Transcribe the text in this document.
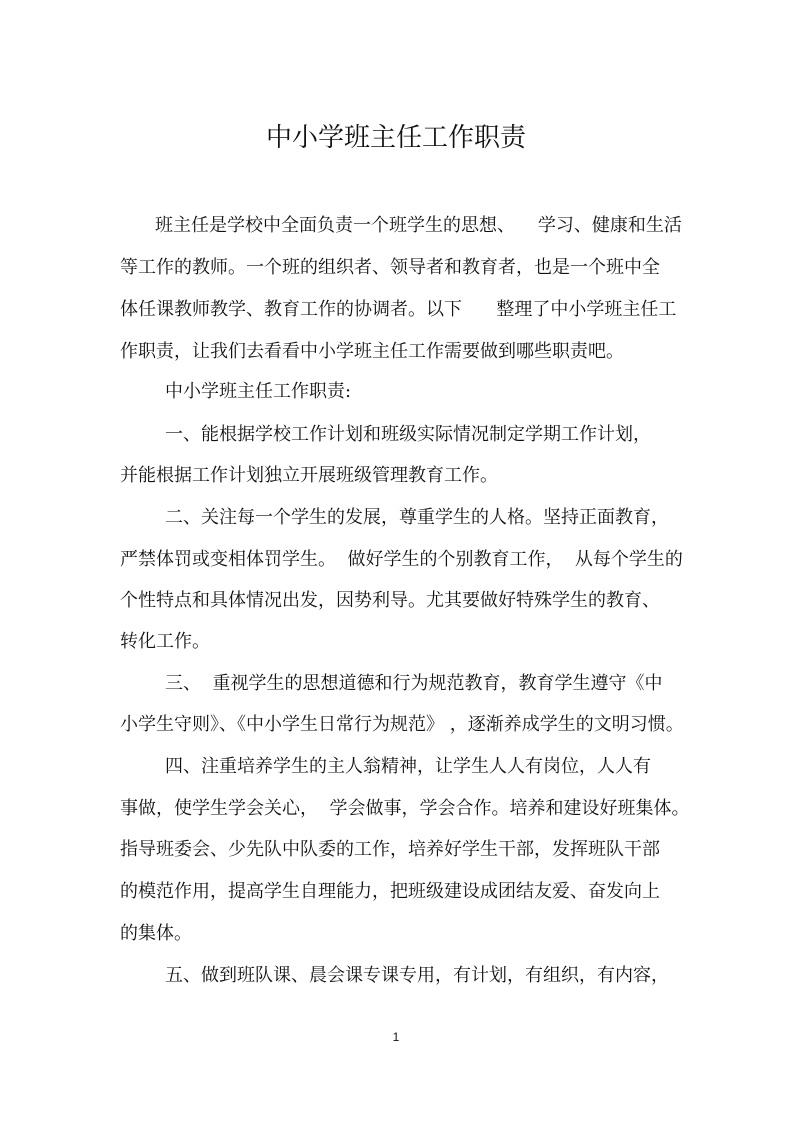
中小学班主任工作职责
班主任是学校中全面负责一个班学生的思想、    学习、健康和生活
等工作的教师。一个班的组织者、领导者和教育者，也是一个班中全
体任课教师教学、教育工作的协调者。以下      整理了中小学班主任工
作职责，让我们去看看中小学班主任工作需要做到哪些职责吧。
中小学班主任工作职责:
一、能根据学校工作计划和班级实际情况制定学期工作计划，
并能根据工作计划独立开展班级管理教育工作。
二、关注每一个学生的发展，尊重学生的人格。坚持正面教育，
严禁体罚或变相体罚学生。  做好学生的个别教育工作，  从每个学生的
个性特点和具体情况出发，因势利导。尤其要做好特殊学生的教育、
转化工作。
三、  重视学生的思想道德和行为规范教育，教育学生遵守《中
小学生守则》、《中小学生日常行为规范》 ，逐渐养成学生的文明习惯。
四、注重培养学生的主人翁精神，让学生人人有岗位，人人有
事做，使学生学会关心，  学会做事，学会合作。培养和建设好班集体。
指导班委会、少先队中队委的工作，培养好学生干部，发挥班队干部
的模范作用，提高学生自理能力，把班级建设成团结友爱、奋发向上
的集体。
五、做到班队课、晨会课专课专用，有计划，有组织，有内容，
1
